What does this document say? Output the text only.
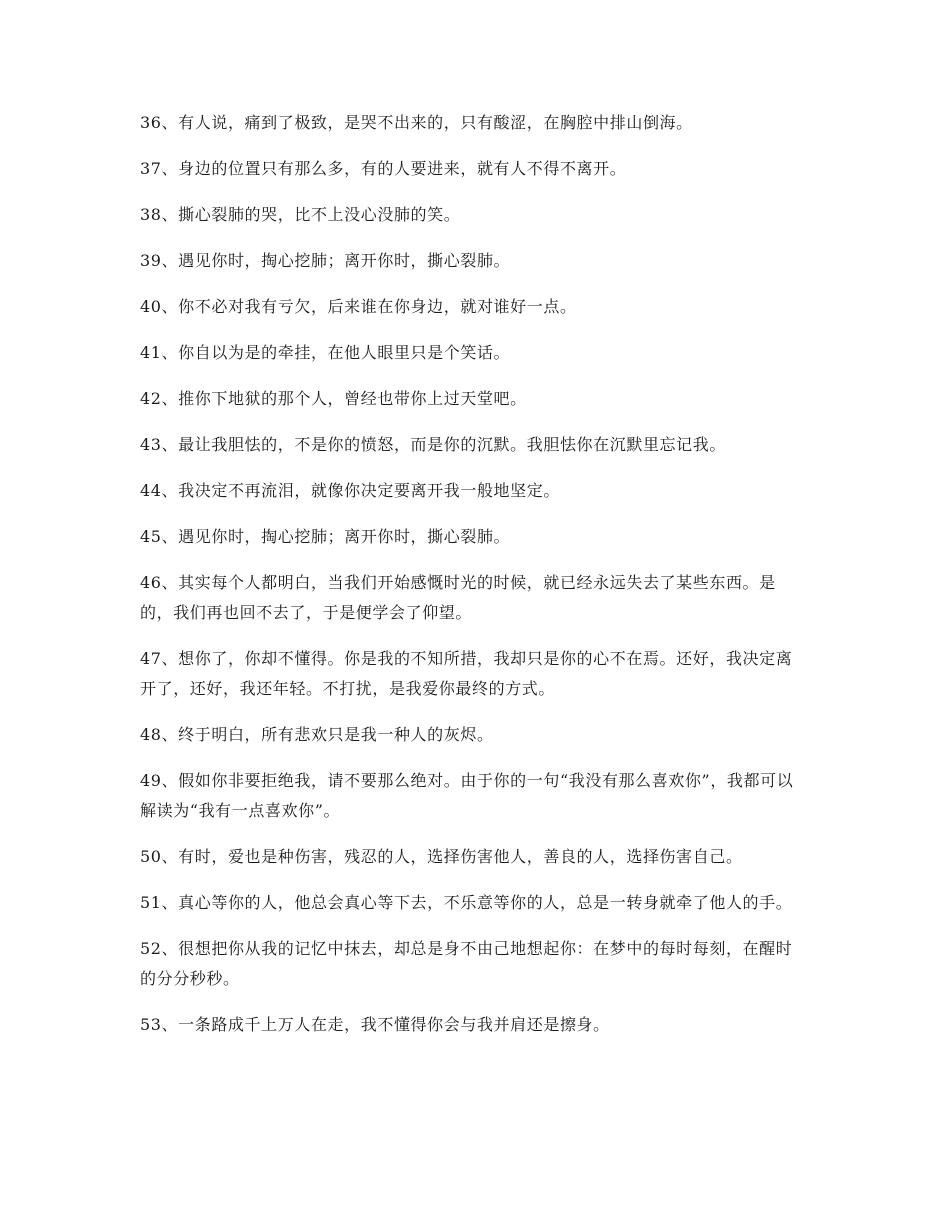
36、有人说，痛到了极致，是哭不出来的，只有酸涩，在胸腔中排山倒海。

37、身边的位置只有那么多，有的人要进来，就有人不得不离开。

38、撕心裂肺的哭，比不上没心没肺的笑。

39、遇见你时，掏心挖肺；离开你时，撕心裂肺。

40、你不必对我有亏欠，后来谁在你身边，就对谁好一点。

41、你自以为是的牵挂，在他人眼里只是个笑话。

42、推你下地狱的那个人，曾经也带你上过天堂吧。

43、最让我胆怯的，不是你的愤怒，而是你的沉默。我胆怯你在沉默里忘记我。

44、我决定不再流泪，就像你决定要离开我一般地坚定。

45、遇见你时，掏心挖肺；离开你时，撕心裂肺。

46、其实每个人都明白，当我们开始感慨时光的时候，就已经永远失去了某些东西。是的，我们再也回不去了，于是便学会了仰望。

47、想你了，你却不懂得。你是我的不知所措，我却只是你的心不在焉。还好，我决定离开了，还好，我还年轻。不打扰，是我爱你最终的方式。

48、终于明白，所有悲欢只是我一种人的灰烬。

49、假如你非要拒绝我，请不要那么绝对。由于你的一句“我没有那么喜欢你”，我都可以解读为“我有一点喜欢你”。

50、有时，爱也是种伤害，残忍的人，选择伤害他人，善良的人，选择伤害自己。

51、真心等你的人，他总会真心等下去，不乐意等你的人，总是一转身就牵了他人的手。

52、很想把你从我的记忆中抹去，却总是身不由己地想起你：在梦中的每时每刻，在醒时的分分秒秒。

53、一条路成千上万人在走，我不懂得你会与我并肩还是擦身。
